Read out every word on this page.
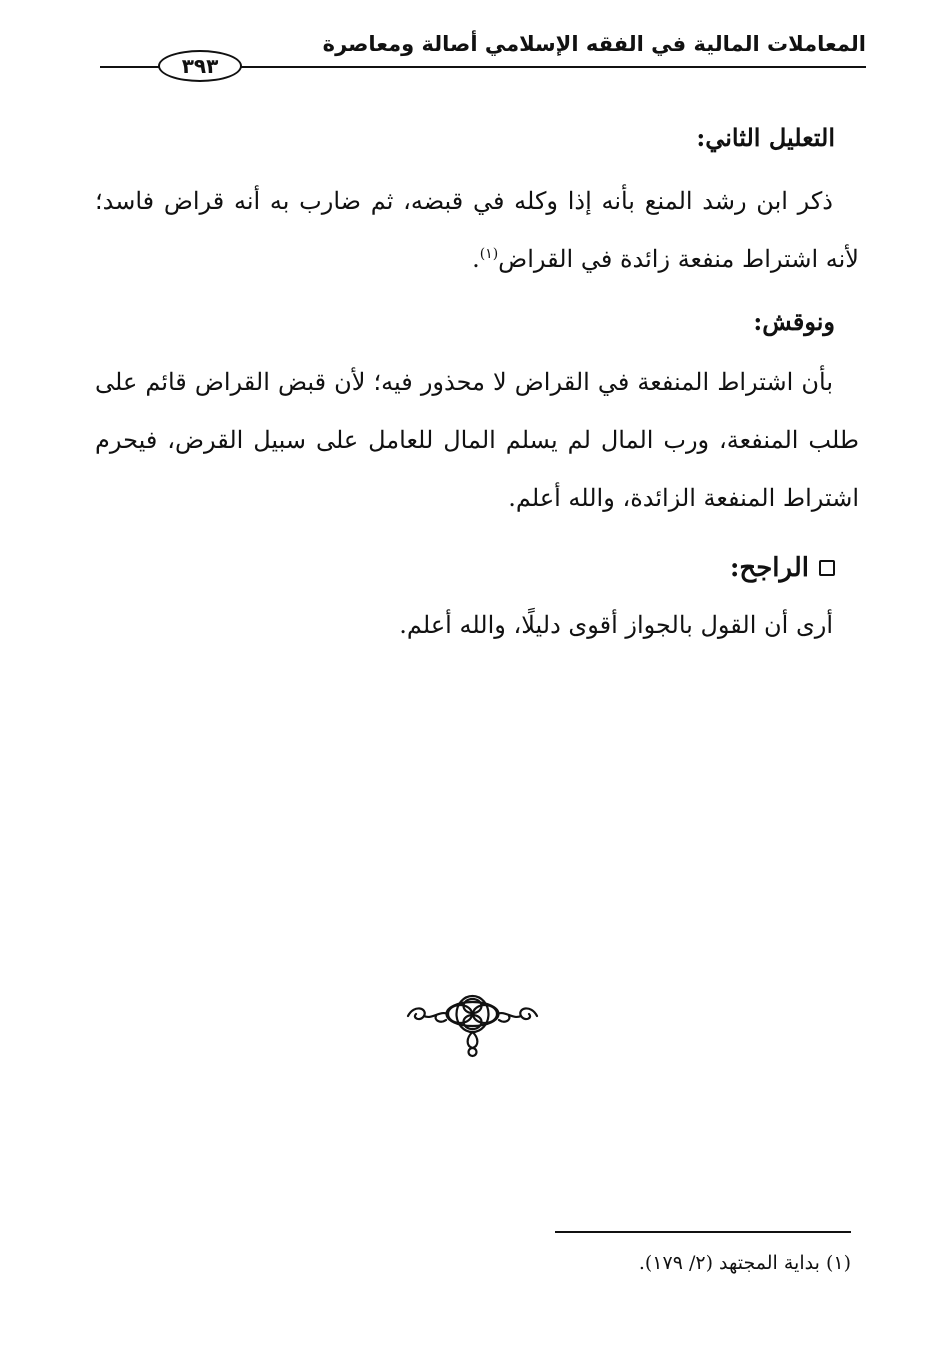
المعاملات المالية في الفقه الإسلامي أصالة ومعاصرة
٣٩٣

التعليل الثاني:

ذكر ابن رشد المنع بأنه إذا وكله في قبضه، ثم ضارب به أنه قراض فاسد؛ لأنه اشتراط منفعة زائدة في القراض$^{(١)}$.

ونوقش:

بأن اشتراط المنفعة في القراض لا محذور فيه؛ لأن قبض القراض قائم على طلب المنفعة، ورب المال لم يسلم المال للعامل على سبيل القرض، فيحرم اشتراط المنفعة الزائدة، والله أعلم.

الراجح:

أرى أن القول بالجواز أقوى دليلًا، والله أعلم.

(١) بداية المجتهد (٢/ ١٧٩).
